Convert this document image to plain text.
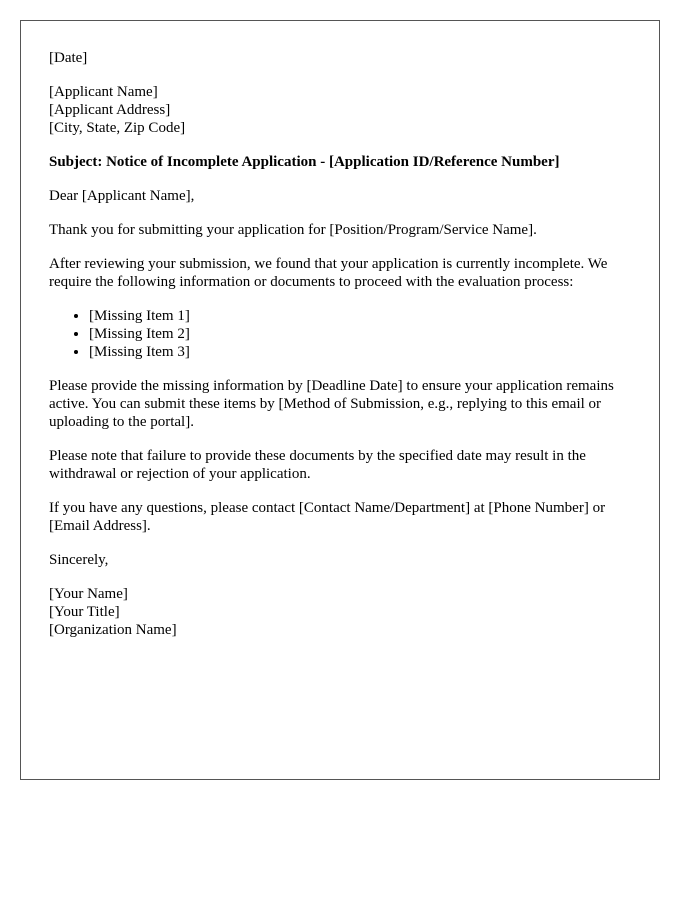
[Date]
[Applicant Name]
[Applicant Address]
[City, State, Zip Code]
Subject: Notice of Incomplete Application - [Application ID/Reference Number]

Dear [Applicant Name],

Thank you for submitting your application for [Position/Program/Service Name].

After reviewing your submission, we found that your application is currently incomplete. We require the following information or documents to proceed with the evaluation process:

• [Missing Item 1]
• [Missing Item 2]
• [Missing Item 3]

Please provide the missing information by [Deadline Date] to ensure your application remains active. You can submit these items by [Method of Submission, e.g., replying to this email or uploading to the portal].

Please note that failure to provide these documents by the specified date may result in the withdrawal or rejection of your application.

If you have any questions, please contact [Contact Name/Department] at [Phone Number] or [Email Address].

Sincerely,

[Your Name]
[Your Title]
[Organization Name]
